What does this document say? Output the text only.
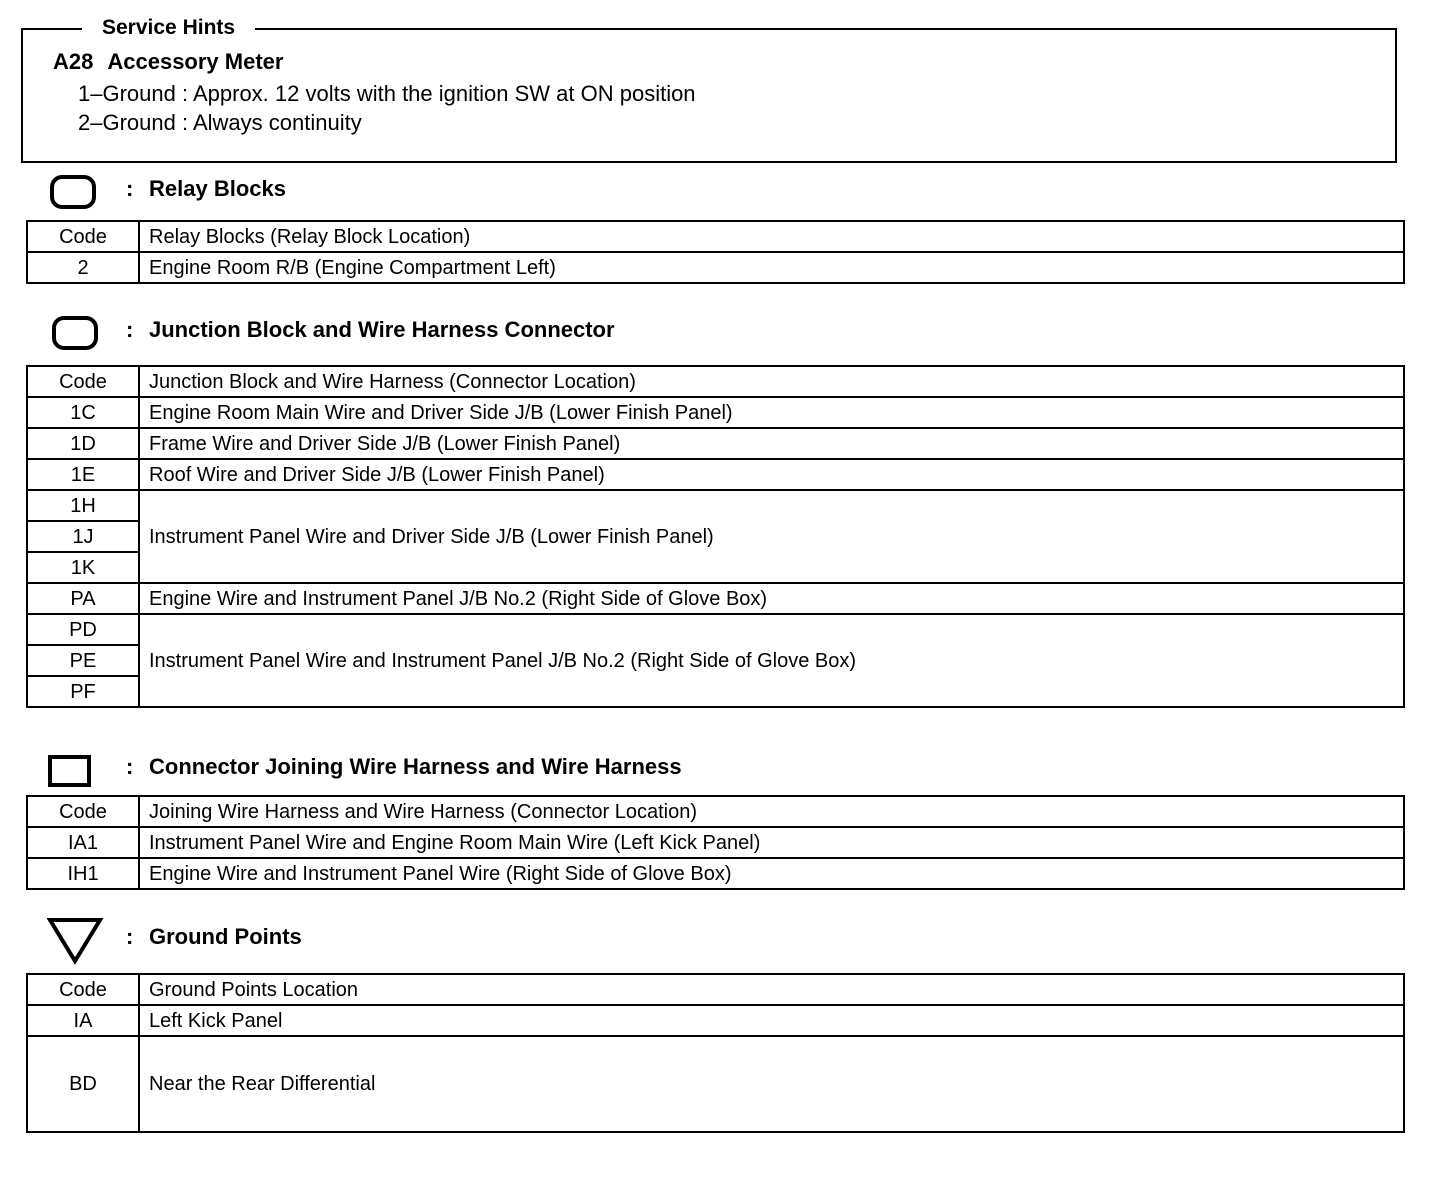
Service Hints
A28 Accessory Meter
1–Ground : Approx. 12 volts with the ignition SW at ON position
2–Ground : Always continuity
: Relay Blocks
Code	Relay Blocks (Relay Block Location)
2	Engine Room R/B (Engine Compartment Left)
: Junction Block and Wire Harness Connector
Code	Junction Block and Wire Harness (Connector Location)
1C	Engine Room Main Wire and Driver Side J/B (Lower Finish Panel)
1D	Frame Wire and Driver Side J/B (Lower Finish Panel)
1E	Roof Wire and Driver Side J/B (Lower Finish Panel)
1H	Instrument Panel Wire and Driver Side J/B (Lower Finish Panel)
1J	
1K	
PA	Engine Wire and Instrument Panel J/B No.2 (Right Side of Glove Box)
PD	Instrument Panel Wire and Instrument Panel J/B No.2 (Right Side of Glove Box)
PE	
PF	
: Connector Joining Wire Harness and Wire Harness
Code	Joining Wire Harness and Wire Harness (Connector Location)
IA1	Instrument Panel Wire and Engine Room Main Wire (Left Kick Panel)
IH1	Engine Wire and Instrument Panel Wire (Right Side of Glove Box)
: Ground Points
Code	Ground Points Location
IA	Left Kick Panel
BD	Near the Rear Differential
